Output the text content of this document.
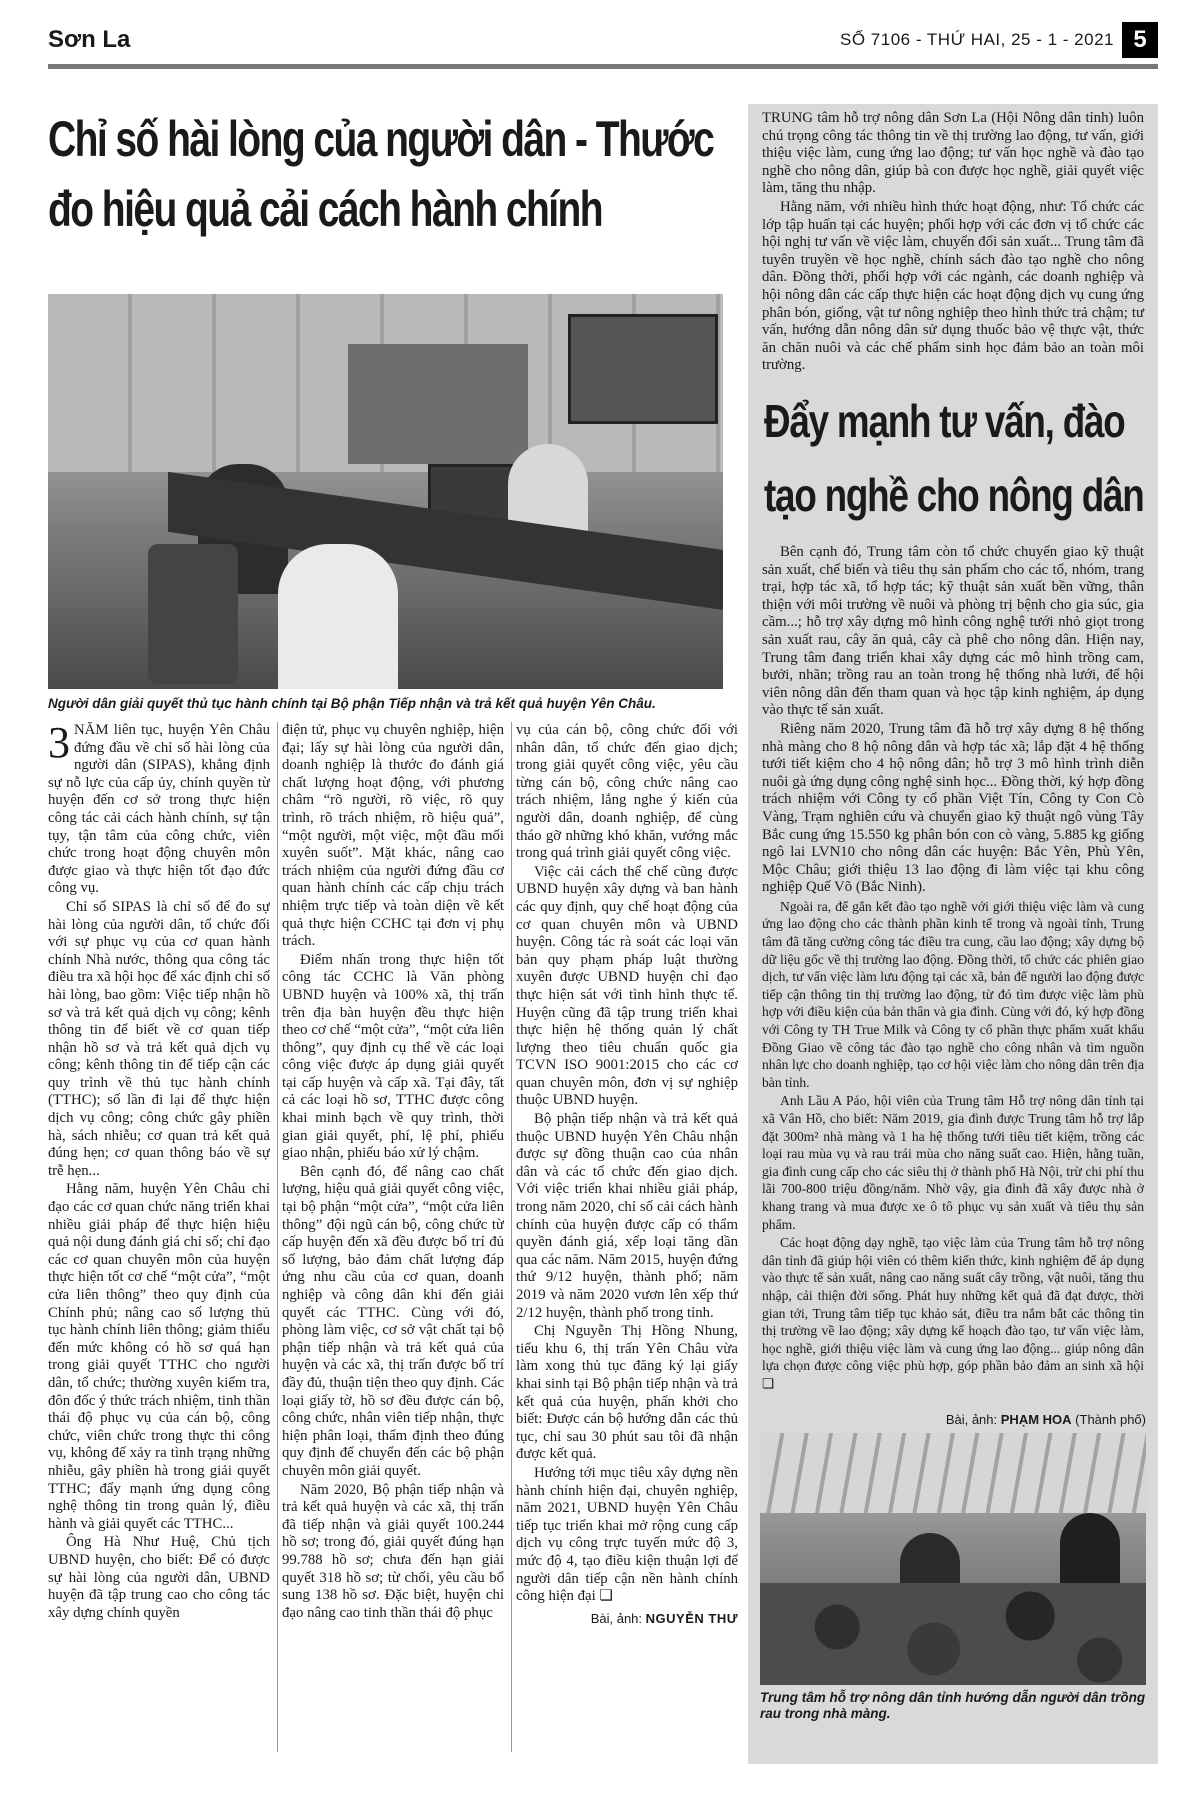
Sơn La	SỐ 7106 - THỨ HAI, 25 - 1 - 2021 5
Chỉ số hài lòng của người dân - Thước đo hiệu quả cải cách hành chính
Người dân giải quyết thủ tục hành chính tại Bộ phận Tiếp nhận và trả kết quả huyện Yên Châu.

3 NĂM liên tục, huyện Yên Châu đứng đầu về chỉ số hài lòng của người dân (SIPAS), khẳng định sự nỗ lực của cấp ủy, chính quyền từ huyện đến cơ sở trong thực hiện công tác cải cách hành chính, sự tận tụy, tận tâm của công chức, viên chức trong hoạt động chuyên môn được giao và thực hiện tốt đạo đức công vụ.

Chỉ số SIPAS là chỉ số để đo sự hài lòng của người dân, tổ chức đối với sự phục vụ của cơ quan hành chính Nhà nước, thông qua công tác điều tra xã hội học để xác định chỉ số hài lòng, bao gồm: Việc tiếp nhận hồ sơ và trả kết quả dịch vụ công; kênh thông tin để biết về cơ quan tiếp nhận hồ sơ và trả kết quả dịch vụ công; kênh thông tin để tiếp cận các quy trình về thủ tục hành chính (TTHC); số lần đi lại để thực hiện dịch vụ công; công chức gây phiền hà, sách nhiễu; cơ quan trả kết quả đúng hẹn; cơ quan thông báo về sự trễ hẹn...

Hằng năm, huyện Yên Châu chỉ đạo các cơ quan chức năng triển khai nhiều giải pháp để thực hiện hiệu quả nội dung đánh giá chỉ số; chỉ đạo các cơ quan chuyên môn của huyện thực hiện tốt cơ chế “một cửa”, “một cửa liên thông” theo quy định của Chính phủ; nâng cao số lượng thủ tục hành chính liên thông; giảm thiểu đến mức không có hồ sơ quá hạn trong giải quyết TTHC cho người dân, tổ chức; thường xuyên kiểm tra, đôn đốc ý thức trách nhiệm, tinh thần thái độ phục vụ của cán bộ, công chức, viên chức trong thực thi công vụ, không để xảy ra tình trạng những nhiễu, gây phiền hà trong giải quyết TTHC; đẩy mạnh ứng dụng công nghệ thông tin trong quản lý, điều hành và giải quyết các TTHC...

Ông Hà Như Huệ, Chủ tịch UBND huyện, cho biết: Để có được sự hài lòng của người dân, UBND huyện đã tập trung cao cho công tác xây dựng chính quyền

điện tử, phục vụ chuyên nghiệp, hiện đại; lấy sự hài lòng của người dân, doanh nghiệp là thước đo đánh giá chất lượng hoạt động, với phương châm “rõ người, rõ việc, rõ quy trình, rõ trách nhiệm, rõ hiệu quả”, “một người, một việc, một đầu mối xuyên suốt”. Mặt khác, nâng cao trách nhiệm của người đứng đầu cơ quan hành chính các cấp chịu trách nhiệm trực tiếp và toàn diện về kết quả thực hiện CCHC tại đơn vị phụ trách.

Điểm nhấn trong thực hiện tốt công tác CCHC là Văn phòng UBND huyện và 100% xã, thị trấn trên địa bàn huyện đều thực hiện theo cơ chế “một cửa”, “một cửa liên thông”, quy định cụ thể về các loại công việc được áp dụng giải quyết tại cấp huyện và cấp xã. Tại đây, tất cả các loại hồ sơ, TTHC được công khai minh bạch về quy trình, thời gian giải quyết, phí, lệ phí, phiếu giao nhận, phiếu báo xử lý chậm.

Bên cạnh đó, để nâng cao chất lượng, hiệu quả giải quyết công việc, tại bộ phận “một cửa”, “một cửa liên thông” đội ngũ cán bộ, công chức từ cấp huyện đến xã đều được bố trí đủ số lượng, bảo đảm chất lượng đáp ứng nhu cầu của cơ quan, doanh nghiệp và công dân khi đến giải quyết các TTHC. Cùng với đó, phòng làm việc, cơ sở vật chất tại bộ phận tiếp nhận và trả kết quả của huyện và các xã, thị trấn được bố trí đầy đủ, thuận tiện theo quy định. Các loại giấy tờ, hồ sơ đều được cán bộ, công chức, nhân viên tiếp nhận, thực hiện phân loại, thẩm định theo đúng quy định để chuyển đến các bộ phận chuyên môn giải quyết.

Năm 2020, Bộ phận tiếp nhận và trả kết quả huyện và các xã, thị trấn đã tiếp nhận và giải quyết 100.244 hồ sơ; trong đó, giải quyết đúng hạn 99.788 hồ sơ; chưa đến hạn giải quyết 318 hồ sơ; từ chối, yêu cầu bổ sung 138 hồ sơ. Đặc biệt, huyện chỉ đạo nâng cao tinh thần thái độ phục

vụ của cán bộ, công chức đối với nhân dân, tổ chức đến giao dịch; trong giải quyết công việc, yêu cầu từng cán bộ, công chức nâng cao trách nhiệm, lắng nghe ý kiến của người dân, doanh nghiệp, để cùng tháo gỡ những khó khăn, vướng mắc trong quá trình giải quyết công việc.

Việc cải cách thể chế cũng được UBND huyện xây dựng và ban hành các quy định, quy chế hoạt động của cơ quan chuyên môn và UBND huyện. Công tác rà soát các loại văn bản quy phạm pháp luật thường xuyên được UBND huyện chỉ đạo thực hiện sát với tình hình thực tế. Huyện cũng đã tập trung triển khai thực hiện hệ thống quản lý chất lượng theo tiêu chuẩn quốc gia TCVN ISO 9001:2015 cho các cơ quan chuyên môn, đơn vị sự nghiệp thuộc UBND huyện.

Bộ phận tiếp nhận và trả kết quả thuộc UBND huyện Yên Châu nhận được sự đồng thuận cao của nhân dân và các tổ chức đến giao dịch. Với việc triển khai nhiều giải pháp, trong năm 2020, chỉ số cải cách hành chính của huyện được cấp có thẩm quyền đánh giá, xếp loại tăng dần qua các năm. Năm 2015, huyện đứng thứ 9/12 huyện, thành phố; năm 2019 và năm 2020 vươn lên xếp thứ 2/12 huyện, thành phố trong tỉnh.

Chị Nguyễn Thị Hồng Nhung, tiểu khu 6, thị trấn Yên Châu vừa làm xong thủ tục đăng ký lại giấy khai sinh tại Bộ phận tiếp nhận và trả kết quả của huyện, phấn khởi cho biết: Được cán bộ hướng dẫn các thủ tục, chỉ sau 30 phút sau tôi đã nhận được kết quả.

Hướng tới mục tiêu xây dựng nền hành chính hiện đại, chuyên nghiệp, năm 2021, UBND huyện Yên Châu tiếp tục triển khai mở rộng cung cấp dịch vụ công trực tuyến mức độ 3, mức độ 4, tạo điều kiện thuận lợi để người dân tiếp cận nền hành chính công hiện đại ❏

Bài, ảnh: NGUYỄN THƯ

TRUNG tâm hỗ trợ nông dân Sơn La (Hội Nông dân tỉnh) luôn chú trọng công tác thông tin về thị trường lao động, tư vấn, giới thiệu việc làm, cung ứng lao động; tư vấn học nghề và đào tạo nghề cho nông dân, giúp bà con được học nghề, giải quyết việc làm, tăng thu nhập.

Hằng năm, với nhiều hình thức hoạt động, như: Tổ chức các lớp tập huấn tại các huyện; phối hợp với các đơn vị tổ chức các hội nghị tư vấn về việc làm, chuyển đổi sản xuất... Trung tâm đã tuyên truyền về học nghề, chính sách đào tạo nghề cho nông dân. Đồng thời, phối hợp với các ngành, các doanh nghiệp và hội nông dân các cấp thực hiện các hoạt động dịch vụ cung ứng phân bón, giống, vật tư nông nghiệp theo hình thức trả chậm; tư vấn, hướng dẫn nông dân sử dụng thuốc bảo vệ thực vật, thức ăn chăn nuôi và các chế phẩm sinh học đảm bảo an toàn môi trường.

Đẩy mạnh tư vấn, đào tạo nghề cho nông dân

Bên cạnh đó, Trung tâm còn tổ chức chuyển giao kỹ thuật sản xuất, chế biến và tiêu thụ sản phẩm cho các tổ, nhóm, trang trại, hợp tác xã, tổ hợp tác; kỹ thuật sản xuất bền vững, thân thiện với môi trường về nuôi và phòng trị bệnh cho gia súc, gia cầm...; hỗ trợ xây dựng mô hình công nghệ tưới nhỏ giọt trong sản xuất rau, cây ăn quả, cây cà phê cho nông dân. Hiện nay, Trung tâm đang triển khai xây dựng các mô hình trồng cam, bưởi, nhãn; trồng rau an toàn trong hệ thống nhà lưới, để hội viên nông dân đến tham quan và học tập kinh nghiệm, áp dụng vào thực tế sản xuất.

Riêng năm 2020, Trung tâm đã hỗ trợ xây dựng 8 hệ thống nhà màng cho 8 hộ nông dân và hợp tác xã; lắp đặt 4 hệ thống tưới tiết kiệm cho 4 hộ nông dân; hỗ trợ 3 mô hình trình diễn nuôi gà ứng dụng công nghệ sinh học... Đồng thời, ký hợp đồng trách nhiệm với Công ty cổ phần Việt Tín, Công ty Con Cò Vàng, Trạm nghiên cứu và chuyển giao kỹ thuật ngô vùng Tây Bắc cung ứng 15.550 kg phân bón con cò vàng, 5.885 kg giống ngô lai LVN10 cho nông dân các huyện: Bắc Yên, Phù Yên, Mộc Châu; giới thiệu 13 lao động đi làm việc tại khu công nghiệp Quế Võ (Bắc Ninh).

Ngoài ra, để gắn kết đào tạo nghề với giới thiệu việc làm và cung ứng lao động cho các thành phần kinh tế trong và ngoài tỉnh, Trung tâm đã tăng cường công tác điều tra cung, cầu lao động; xây dựng bộ dữ liệu gốc về thị trường lao động. Đồng thời, tổ chức các phiên giao dịch, tư vấn việc làm lưu động tại các xã, bản để người lao động được tiếp cận thông tin thị trường lao động, từ đó tìm được việc làm phù hợp với điều kiện của bản thân và gia đình. Cùng với đó, ký hợp đồng với Công ty TH True Milk và Công ty cổ phần thực phẩm xuất khẩu Đồng Giao về công tác đào tạo nghề cho công nhân và tìm nguồn nhân lực cho doanh nghiệp, tạo cơ hội việc làm cho nông dân trên địa bàn tỉnh.

Anh Lầu A Páo, hội viên của Trung tâm Hỗ trợ nông dân tỉnh tại xã Vân Hồ, cho biết: Năm 2019, gia đình được Trung tâm hỗ trợ lắp đặt 300m² nhà màng và 1 ha hệ thống tưới tiêu tiết kiệm, trồng các loại rau mùa vụ và rau trái mùa cho năng suất cao. Hiện, hằng tuần, gia đình cung cấp cho các siêu thị ở thành phố Hà Nội, trừ chi phí thu lãi 700-800 triệu đồng/năm. Nhờ vậy, gia đình đã xây được nhà ở khang trang và mua được xe ô tô phục vụ sản xuất và tiêu thụ sản phẩm.

Các hoạt động dạy nghề, tạo việc làm của Trung tâm hỗ trợ nông dân tỉnh đã giúp hội viên có thêm kiến thức, kinh nghiệm để áp dụng vào thực tế sản xuất, nâng cao năng suất cây trồng, vật nuôi, tăng thu nhập, cải thiện đời sống. Phát huy những kết quả đã đạt được, thời gian tới, Trung tâm tiếp tục khảo sát, điều tra nắm bắt các thông tin thị trường về lao động; xây dựng kế hoạch đào tạo, tư vấn việc làm, học nghề, giới thiệu việc làm và cung ứng lao động... giúp nông dân lựa chọn được công việc phù hợp, góp phần bảo đảm an sinh xã hội ❏

Bài, ảnh: PHẠM HOA (Thành phố)
Trung tâm hỗ trợ nông dân tỉnh hướng dẫn người dân trồng rau trong nhà màng.
